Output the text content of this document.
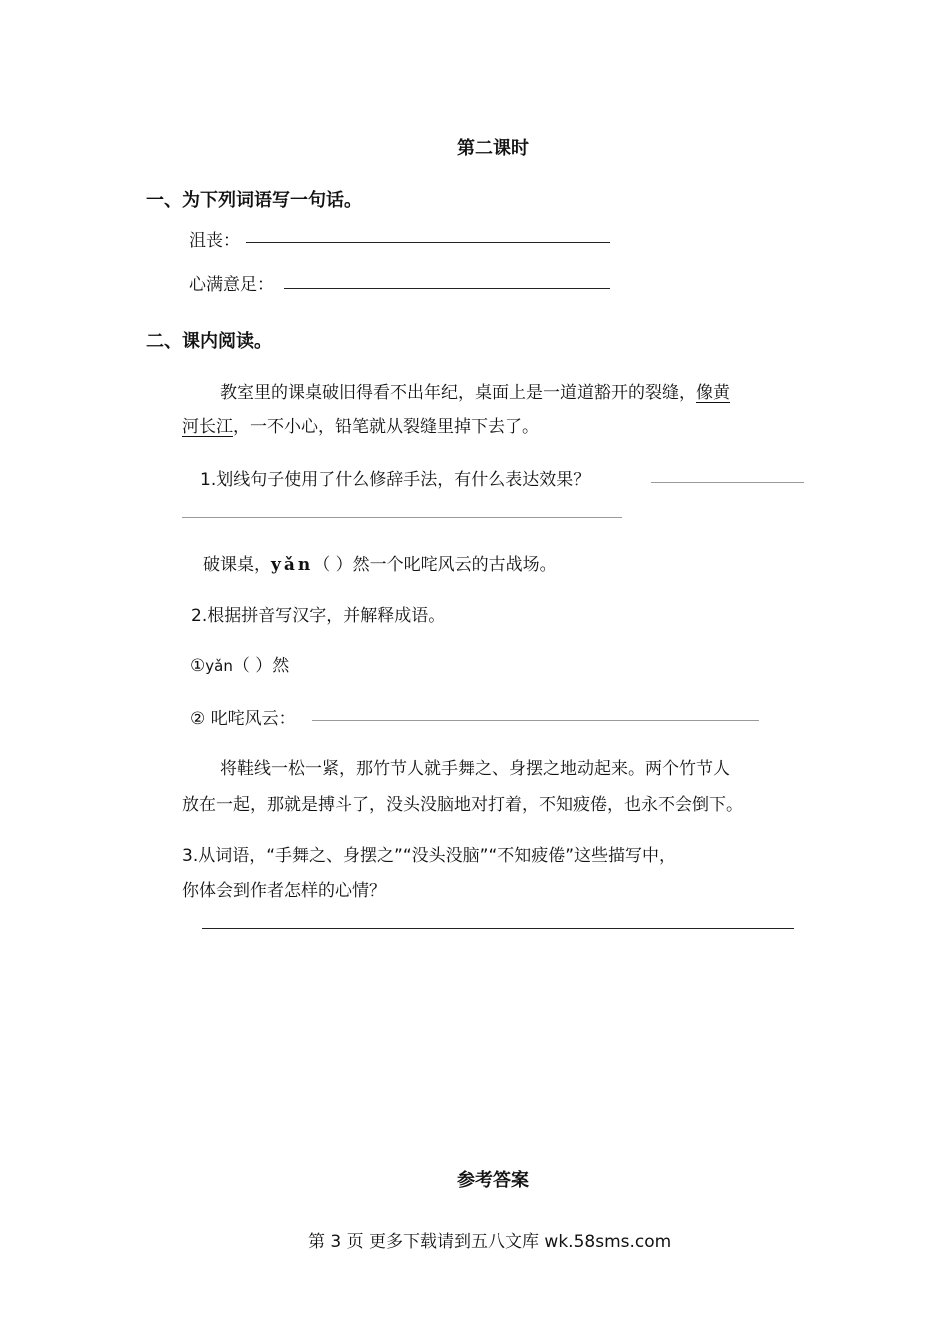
第二课时
一、为下列词语写一句话。
沮丧：
心满意足：
二、课内阅读。
教室里的课桌破旧得看不出年纪，桌面上是一道道豁开的裂缝，像黄
河长江，一不小心，铅笔就从裂缝里掉下去了。
1.划线句子使用了什么修辞手法，有什么表达效果？
破课桌，yǎn（ ）然一个叱咤风云的古战场。
2.根据拼音写汉字，并解释成语。
①yǎn（ ）然
② 叱咤风云：
将鞋线一松一紧，那竹节人就手舞之、身摆之地动起来。两个竹节人
放在一起，那就是搏斗了，没头没脑地对打着，不知疲倦，也永不会倒下。
3.从词语，“手舞之、身摆之”“没头没脑”“不知疲倦”这些描写中，
你体会到作者怎样的心情？
参考答案
第 3 页 更多下载请到五八文库 wk.58sms.com
